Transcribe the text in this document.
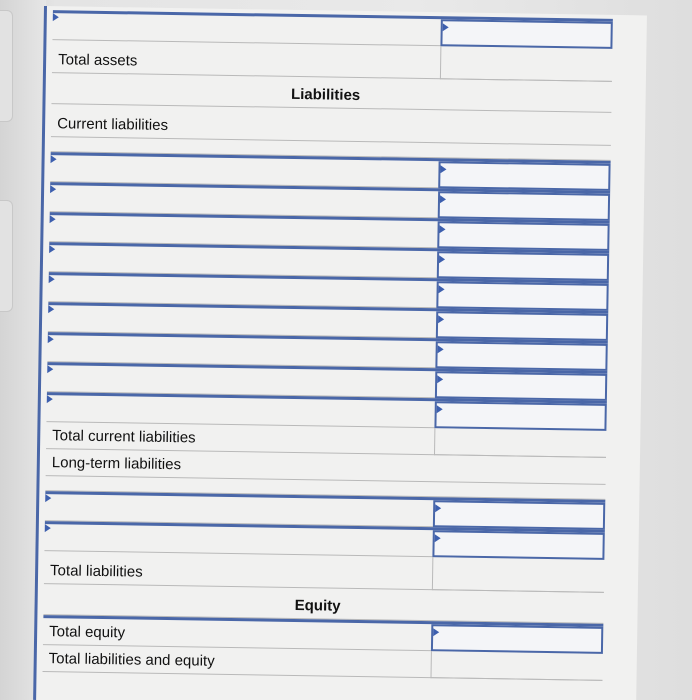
Total assets
Liabilities
Current liabilities
Total current liabilities
Long-term liabilities
Total liabilities
Equity
Total equity
Total liabilities and equity
